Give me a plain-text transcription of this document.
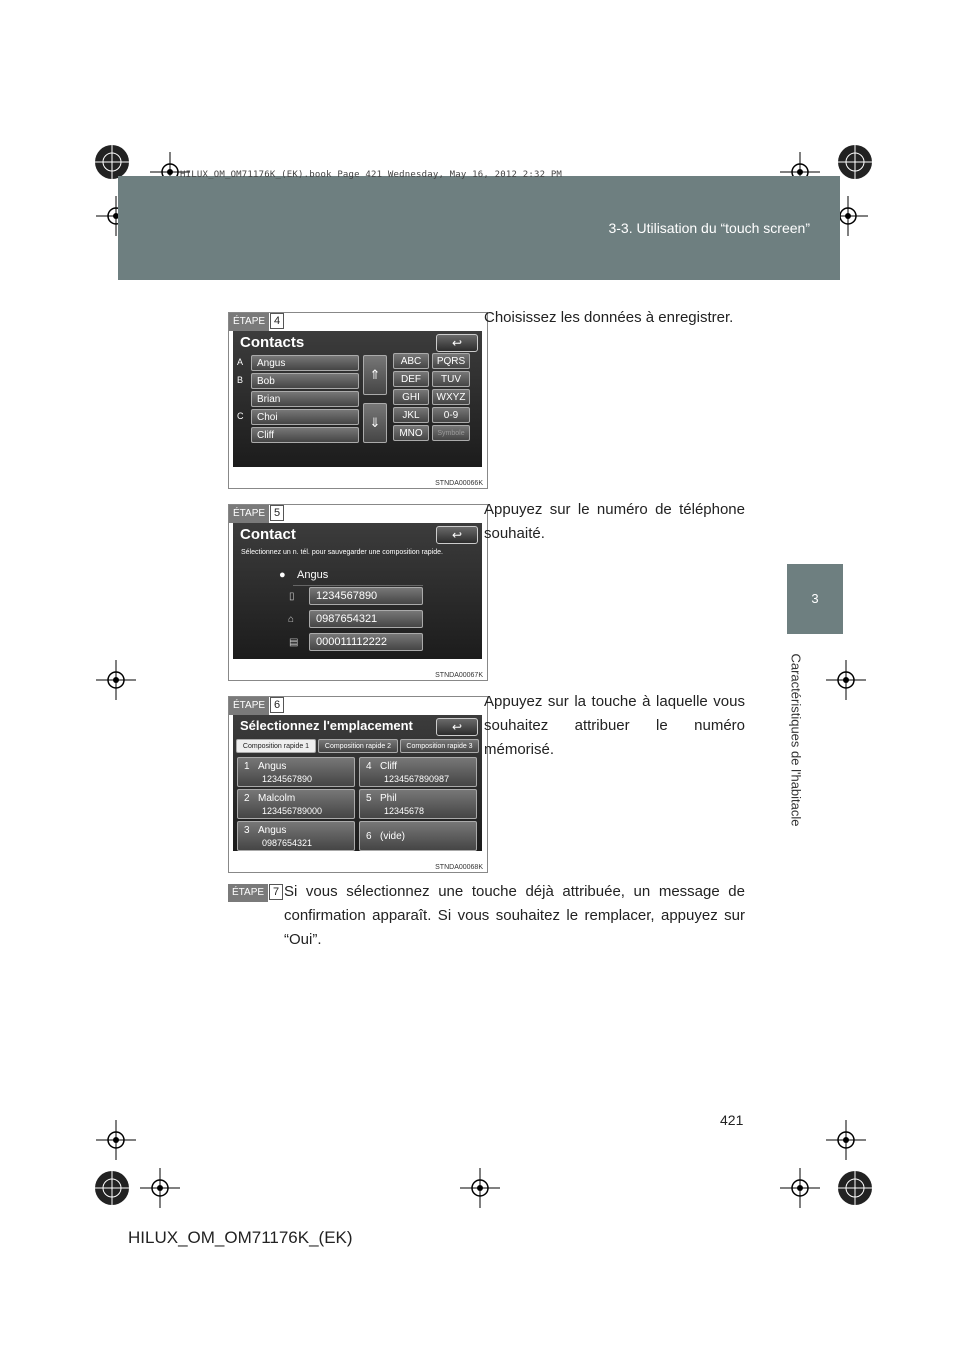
HILUX_OM_OM71176K_(EK).book Page 421 Wednesday, May 16, 2012 2:32 PM
3-3. Utilisation du “touch screen”
3
Caractéristiques de l'habitacle
ÉTAPE 4
Contacts	↩
A
B
C
Angus
Bob
Brian
Choi
Cliff
⇑
⇓
ABC	PQRS
DEF	TUV
GHI	WXYZ
JKL	0-9
MNO	Symbole
STNDA00066K
Choisissez les données à enregistrer.
ÉTAPE 5
Contact	↩
Sélectionnez un n. tél. pour sauvegarder une composition rapide.
● Angus
▯	1234567890
⌂	0987654321
▤	000011112222
STNDA00067K
Appuyez sur le numéro de téléphone souhaité.
ÉTAPE 6
Sélectionnez l'emplacement	↩
Composition rapide 1	Composition rapide 2	Composition rapide 3
1 Angus
1234567890
4 Cliff
1234567890987
2 Malcolm
123456789000
5 Phil
12345678
3 Angus
0987654321
6 (vide)
STNDA00068K
Appuyez sur la touche à laquelle vous souhaitez attribuer le numéro mémorisé.
ÉTAPE 7 Si vous sélectionnez une touche déjà attribuée, un message de confirmation apparaît. Si vous souhaitez le remplacer, appuyez sur “Oui”.
421
HILUX_OM_OM71176K_(EK)
